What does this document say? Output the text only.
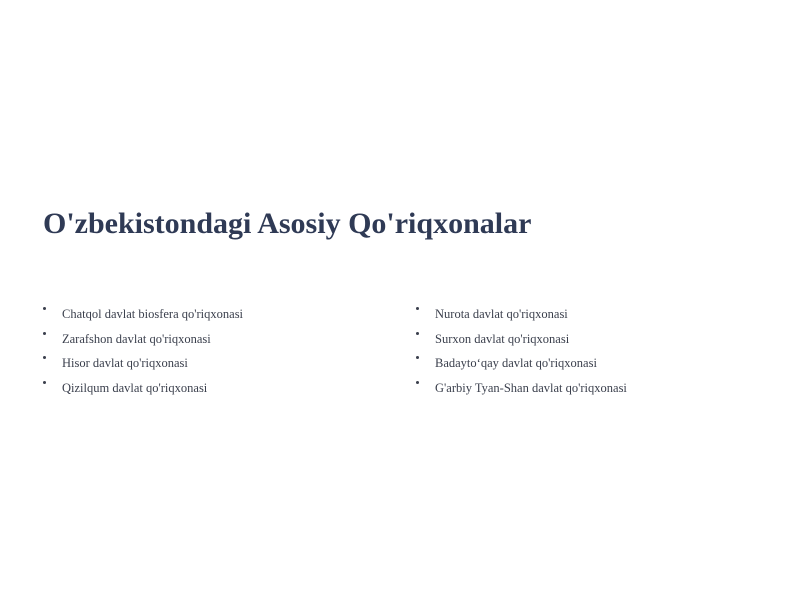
O'zbekistondagi Asosiy Qo'riqxonalar
Chatqol davlat biosfera qo'riqxonasi
Zarafshon davlat qo'riqxonasi
Hisor davlat qo'riqxonasi
Qizilqum davlat qo'riqxonasi
Nurota davlat qo'riqxonasi
Surxon davlat qo'riqxonasi
Badaytoʻqay davlat qo'riqxonasi
G'arbiy Tyan-Shan davlat qo'riqxonasi
